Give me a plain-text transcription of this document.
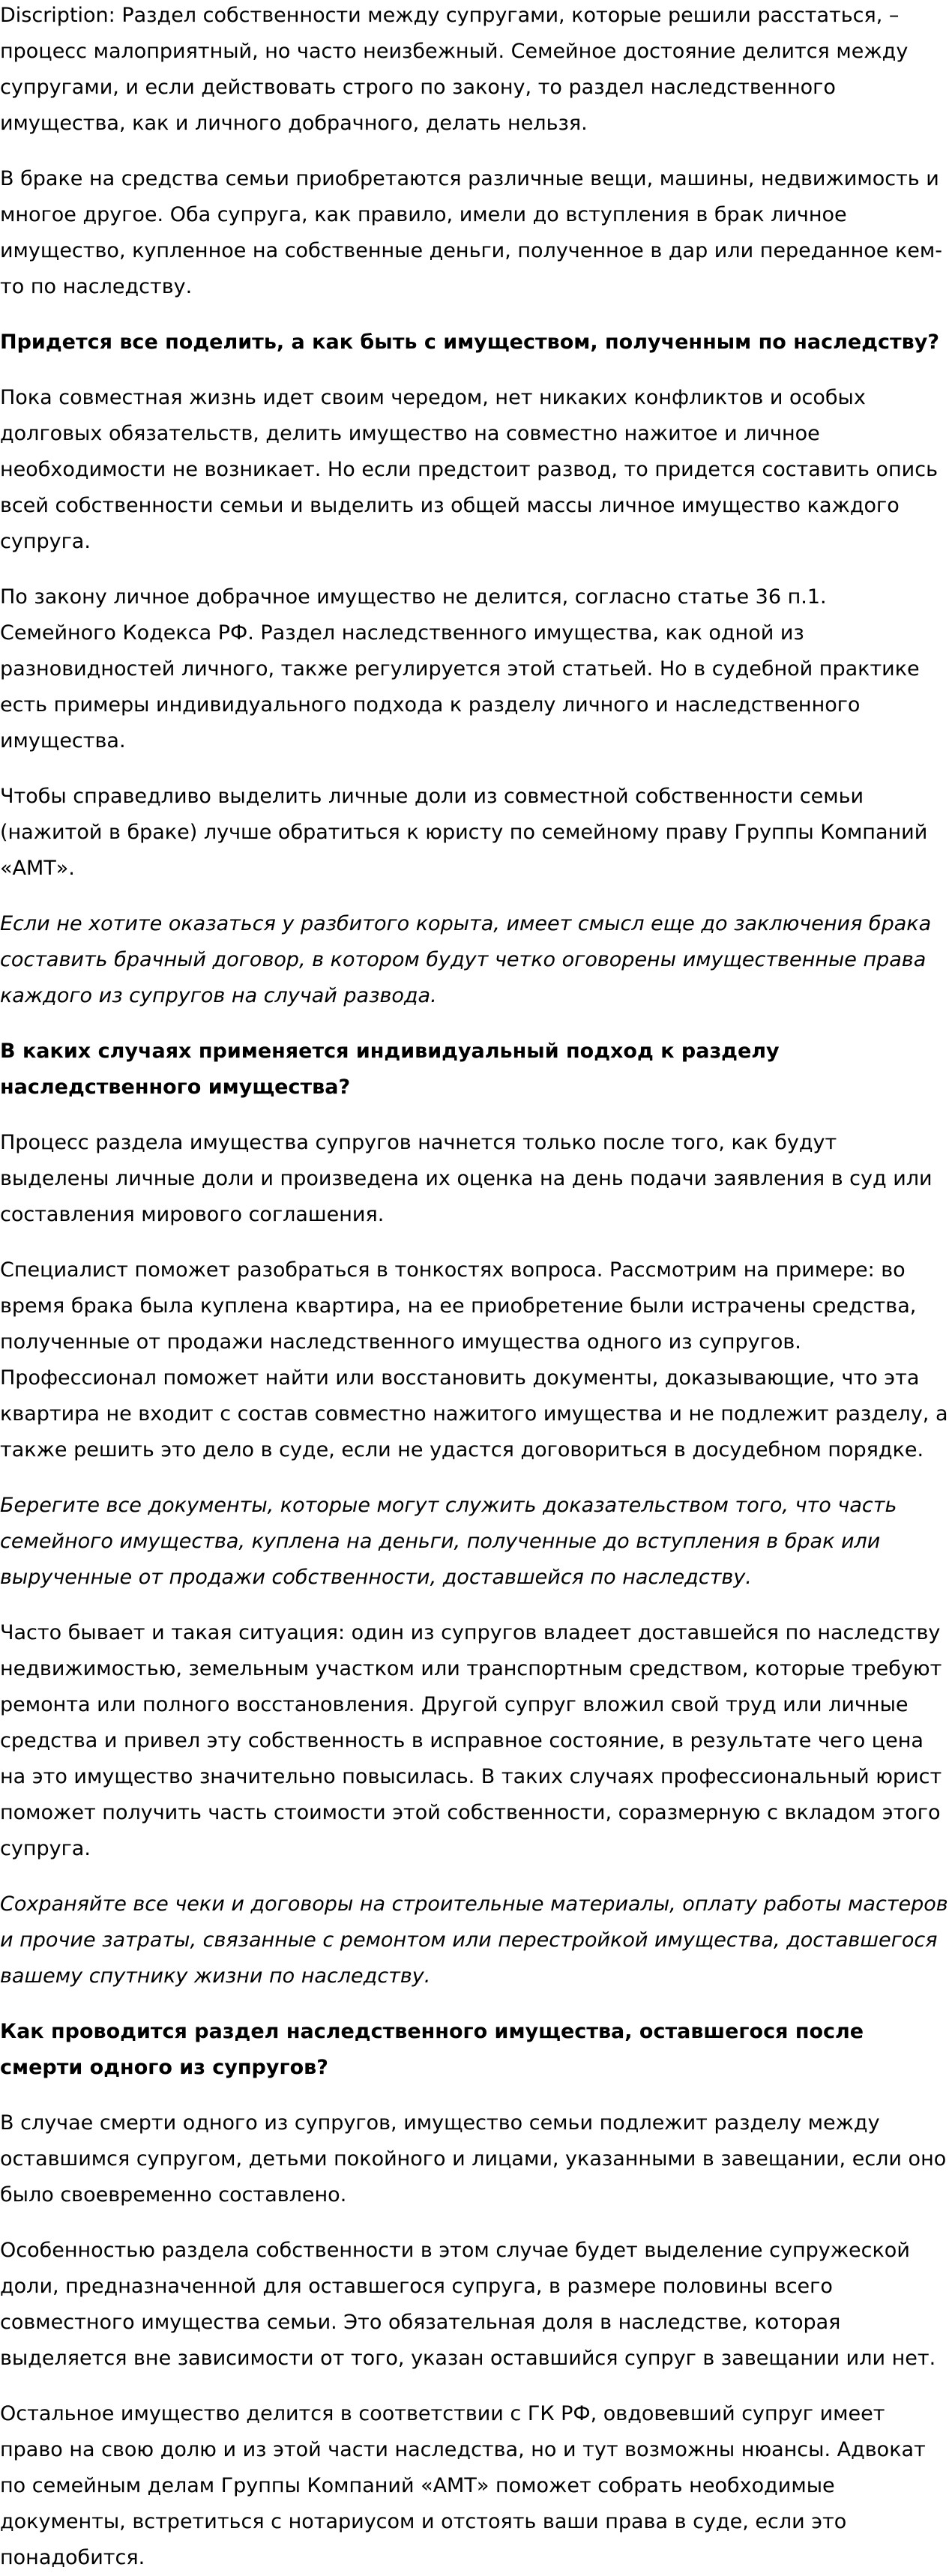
Discription: Раздел собственности между супругами, которые решили расстаться, – процесс малоприятный, но часто неизбежный. Семейное достояние делится между супругами, и если действовать строго по закону, то раздел наследственного имущества, как и личного добрачного, делать нельзя.

В браке на средства семьи приобретаются различные вещи, машины, недвижимость и многое другое. Оба супруга, как правило, имели до вступления в брак личное имущество, купленное на собственные деньги, полученное в дар или переданное кем-то по наследству.

Придется все поделить, а как быть с имуществом, полученным по наследству?

Пока совместная жизнь идет своим чередом, нет никаких конфликтов и особых долговых обязательств, делить имущество на совместно нажитое и личное необходимости не возникает. Но если предстоит развод, то придется составить опись всей собственности семьи и выделить из общей массы личное имущество каждого супруга.

По закону личное добрачное имущество не делится, согласно статье 36 п.1. Семейного Кодекса РФ. Раздел наследственного имущества, как одной из разновидностей личного, также регулируется этой статьей. Но в судебной практике есть примеры индивидуального подхода к разделу личного и наследственного имущества.

Чтобы справедливо выделить личные доли из совместной собственности семьи (нажитой в браке) лучше обратиться к юристу по семейному праву Группы Компаний «АМТ».

Если не хотите оказаться у разбитого корыта, имеет смысл еще до заключения брака составить брачный договор, в котором будут четко оговорены имущественные права каждого из супругов на случай развода.

В каких случаях применяется индивидуальный подход к разделу наследственного имущества?

Процесс раздела имущества супругов начнется только после того, как будут выделены личные доли и произведена их оценка на день подачи заявления в суд или составления мирового соглашения.

Специалист поможет разобраться в тонкостях вопроса. Рассмотрим на примере: во время брака была куплена квартира, на ее приобретение были истрачены средства, полученные от продажи наследственного имущества одного из супругов. Профессионал поможет найти или восстановить документы, доказывающие, что эта квартира не входит с состав совместно нажитого имущества и не подлежит разделу, а также решить это дело в суде, если не удастся договориться в досудебном порядке.

Берегите все документы, которые могут служить доказательством того, что часть семейного имущества, куплена на деньги, полученные до вступления в брак или вырученные от продажи собственности, доставшейся по наследству.

Часто бывает и такая ситуация: один из супругов владеет доставшейся по наследству недвижимостью, земельным участком или транспортным средством, которые требуют ремонта или полного восстановления. Другой супруг вложил свой труд или личные средства и привел эту собственность в исправное состояние, в результате чего цена на это имущество значительно повысилась. В таких случаях профессиональный юрист поможет получить часть стоимости этой собственности, соразмерную с вкладом этого супруга.

Сохраняйте все чеки и договоры на строительные материалы, оплату работы мастеров и прочие затраты, связанные с ремонтом или перестройкой имущества, доставшегося вашему спутнику жизни по наследству.

Как проводится раздел наследственного имущества, оставшегося после смерти одного из супругов?

В случае смерти одного из супругов, имущество семьи подлежит разделу между оставшимся супругом, детьми покойного и лицами, указанными в завещании, если оно было своевременно составлено.

Особенностью раздела собственности в этом случае будет выделение супружеской доли, предназначенной для оставшегося супруга, в размере половины всего совместного имущества семьи. Это обязательная доля в наследстве, которая выделяется вне зависимости от того, указан оставшийся супруг в завещании или нет.

Остальное имущество делится в соответствии с ГК РФ, овдовевший супруг имеет право на свою долю и из этой части наследства, но и тут возможны нюансы. Адвокат по семейным делам Группы Компаний «АМТ» поможет собрать необходимые документы, встретиться с нотариусом и отстоять ваши права в суде, если это понадобится.
